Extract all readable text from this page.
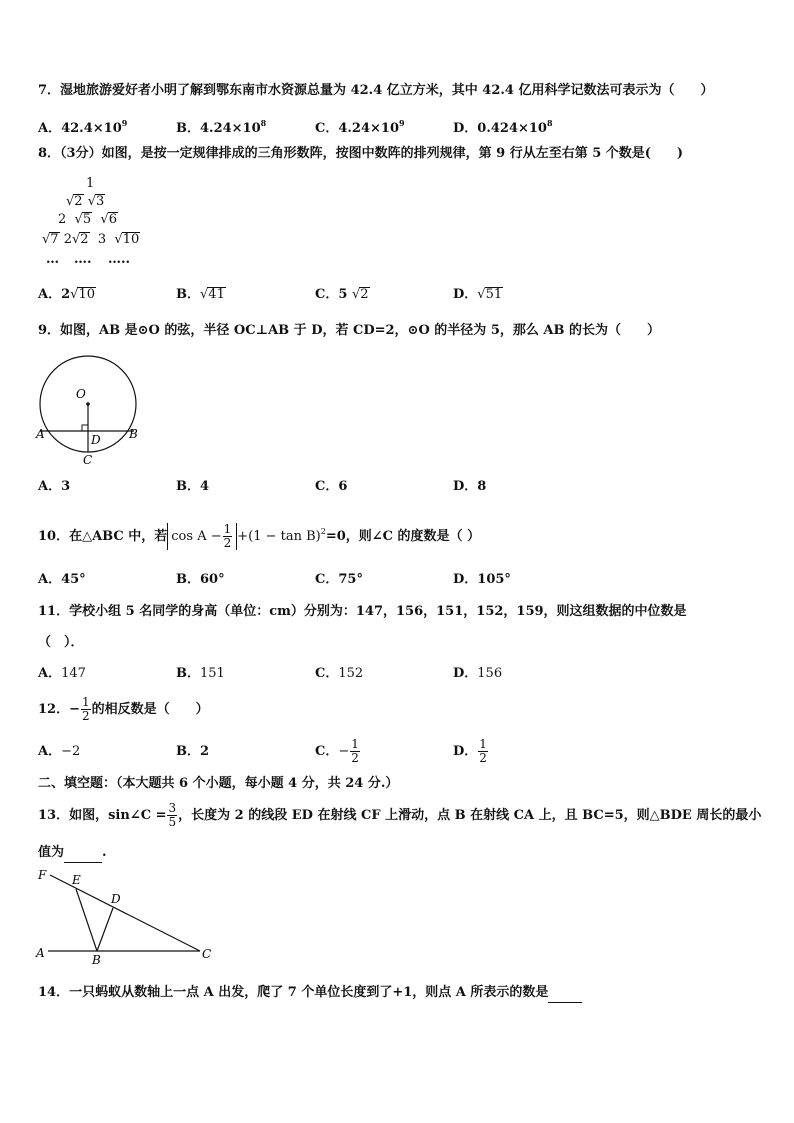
7．湿地旅游爱好者小明了解到鄂东南市水资源总量为 42.4 亿立方米，其中 42.4 亿用科学记数法可表示为（　　）
A．$42.4\times 10^9$	B．$4.24\times 10^8$	C．$4.24\times 10^9$	D．$0.424\times 10^8$
8．（3分）如图，是按一定规律排成的三角形数阵，按图中数阵的排列规律，第 9 行从左至右第 5 个数是(　　)
1
√2 √3
2 √5 √6
√7 2√2 3 √10
… …. …..
A．2√10	B．√41	C．5 √2	D．√51
9．如图，AB 是⊙O 的弦，半径 OC⊥AB 于 D，若 CD=2，⊙O 的半径为 5，那么 AB 的长为（　　）
O
A	B
C
D
A．3	B．4	C．6	D．8
10．在△ABC 中，若 $\cos A - \frac{1}{2} +(1 - \tan B)^2=0$，则∠C 的度数是（ ）
A．45°	B．60°	C．75°	D．105°
11．学校小组 5 名同学的身高（单位：cm）分别为：147，156，151，152，159，则这组数据的中位数是
（　）．
A．147	B．151	C．152	D．156
12．− $\frac{1}{2}$ 的相反数是（　　）
A．−2	B．2	C．− $\frac{1}{2}$	D． $\frac{1}{2}$
二、填空题：（本大题共 6 个小题，每小题 4 分，共 24 分.）
13．如图，sin∠C = $\frac{3}{5}$ ，长度为 2 的线段 ED 在射线 CF 上滑动，点 B 在射线 CA 上，且 BC=5，则△BDE 周长的最小
值为	.
F E
D
A	B	C
14．一只蚂蚁从数轴上一点 A 出发，爬了 7 个单位长度到了+1，则点 A 所表示的数是
